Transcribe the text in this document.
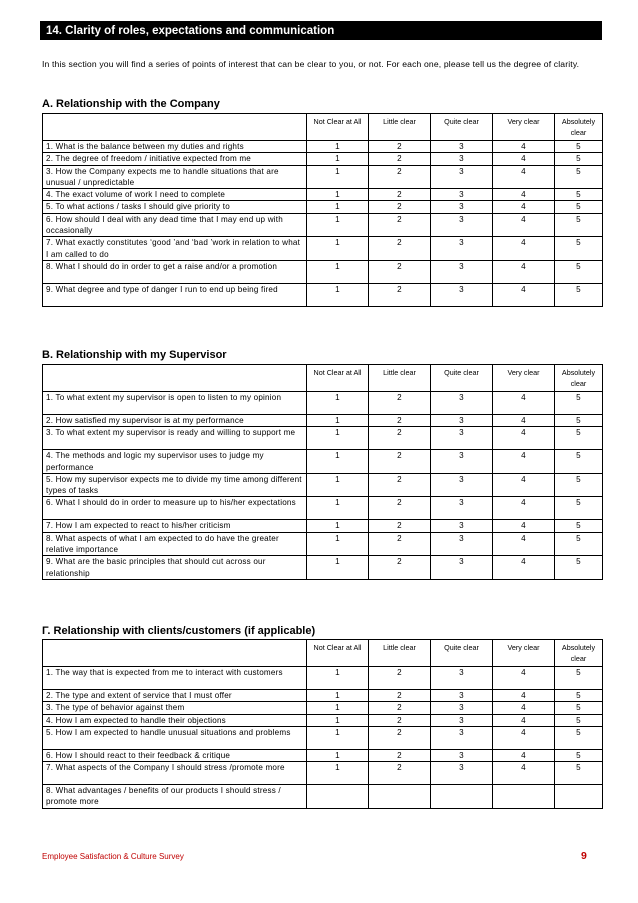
14. Clarity of roles, expectations and communication
In this section you will find a series of points of interest that can be clear to you, or not. For each one, please tell us the degree of clarity.
A. Relationship with the Company
	Not Clear at All	Little clear	Quite clear	Very clear	Absolutely clear
1. What is the balance between my duties and rights	1	2	3	4	5
2. The degree of freedom / initiative expected from me	1	2	3	4	5
3. How the Company expects me to handle situations that are unusual / unpredictable	1	2	3	4	5
4. The exact volume of work I need to complete	1	2	3	4	5
5. To what actions / tasks I should give priority to	1	2	3	4	5
6. How should I deal with any dead time that I may end up with occasionally	1	2	3	4	5
7. What exactly constitutes ‘good ’and ‘bad ’work in relation to what I am called to do	1	2	3	4	5
8. What I should do in order to get a raise and/or a promotion	1	2	3	4	5
9. What degree and type of danger I run to end up being fired	1	2	3	4	5
B. Relationship with my Supervisor
	Not Clear at All	Little clear	Quite clear	Very clear	Absolutely clear
1. To what extent my supervisor is open to listen to my opinion	1	2	3	4	5
2. How satisfied my supervisor is at my performance	1	2	3	4	5
3. To what extent my supervisor is ready and willing to support me	1	2	3	4	5
4. The methods and logic my supervisor uses to judge my performance	1	2	3	4	5
5. How my supervisor expects me to divide my time among different types of tasks	1	2	3	4	5
6. What I should do in order to measure up to his/her expectations	1	2	3	4	5
7. How I am expected to react to his/her criticism	1	2	3	4	5
8. What aspects of what I am expected to do have the greater relative importance	1	2	3	4	5
9. What are the basic principles that should cut across our relationship	1	2	3	4	5
Γ. Relationship with clients/customers (if applicable)
	Not Clear at All	Little clear	Quite clear	Very clear	Absolutely clear
1. The way that is expected from me to interact with customers	1	2	3	4	5
2. The type and extent of service that I must offer	1	2	3	4	5
3. The type of behavior against them	1	2	3	4	5
4. How I am expected to handle their objections	1	2	3	4	5
5. How I am expected to handle unusual situations and problems	1	2	3	4	5
6. How I should react to their feedback & critique	1	2	3	4	5
7. What aspects of the Company I should stress /promote more	1	2	3	4	5
8. What advantages / benefits of our products I should stress / promote more					
Employee Satisfaction & Culture Survey	9
